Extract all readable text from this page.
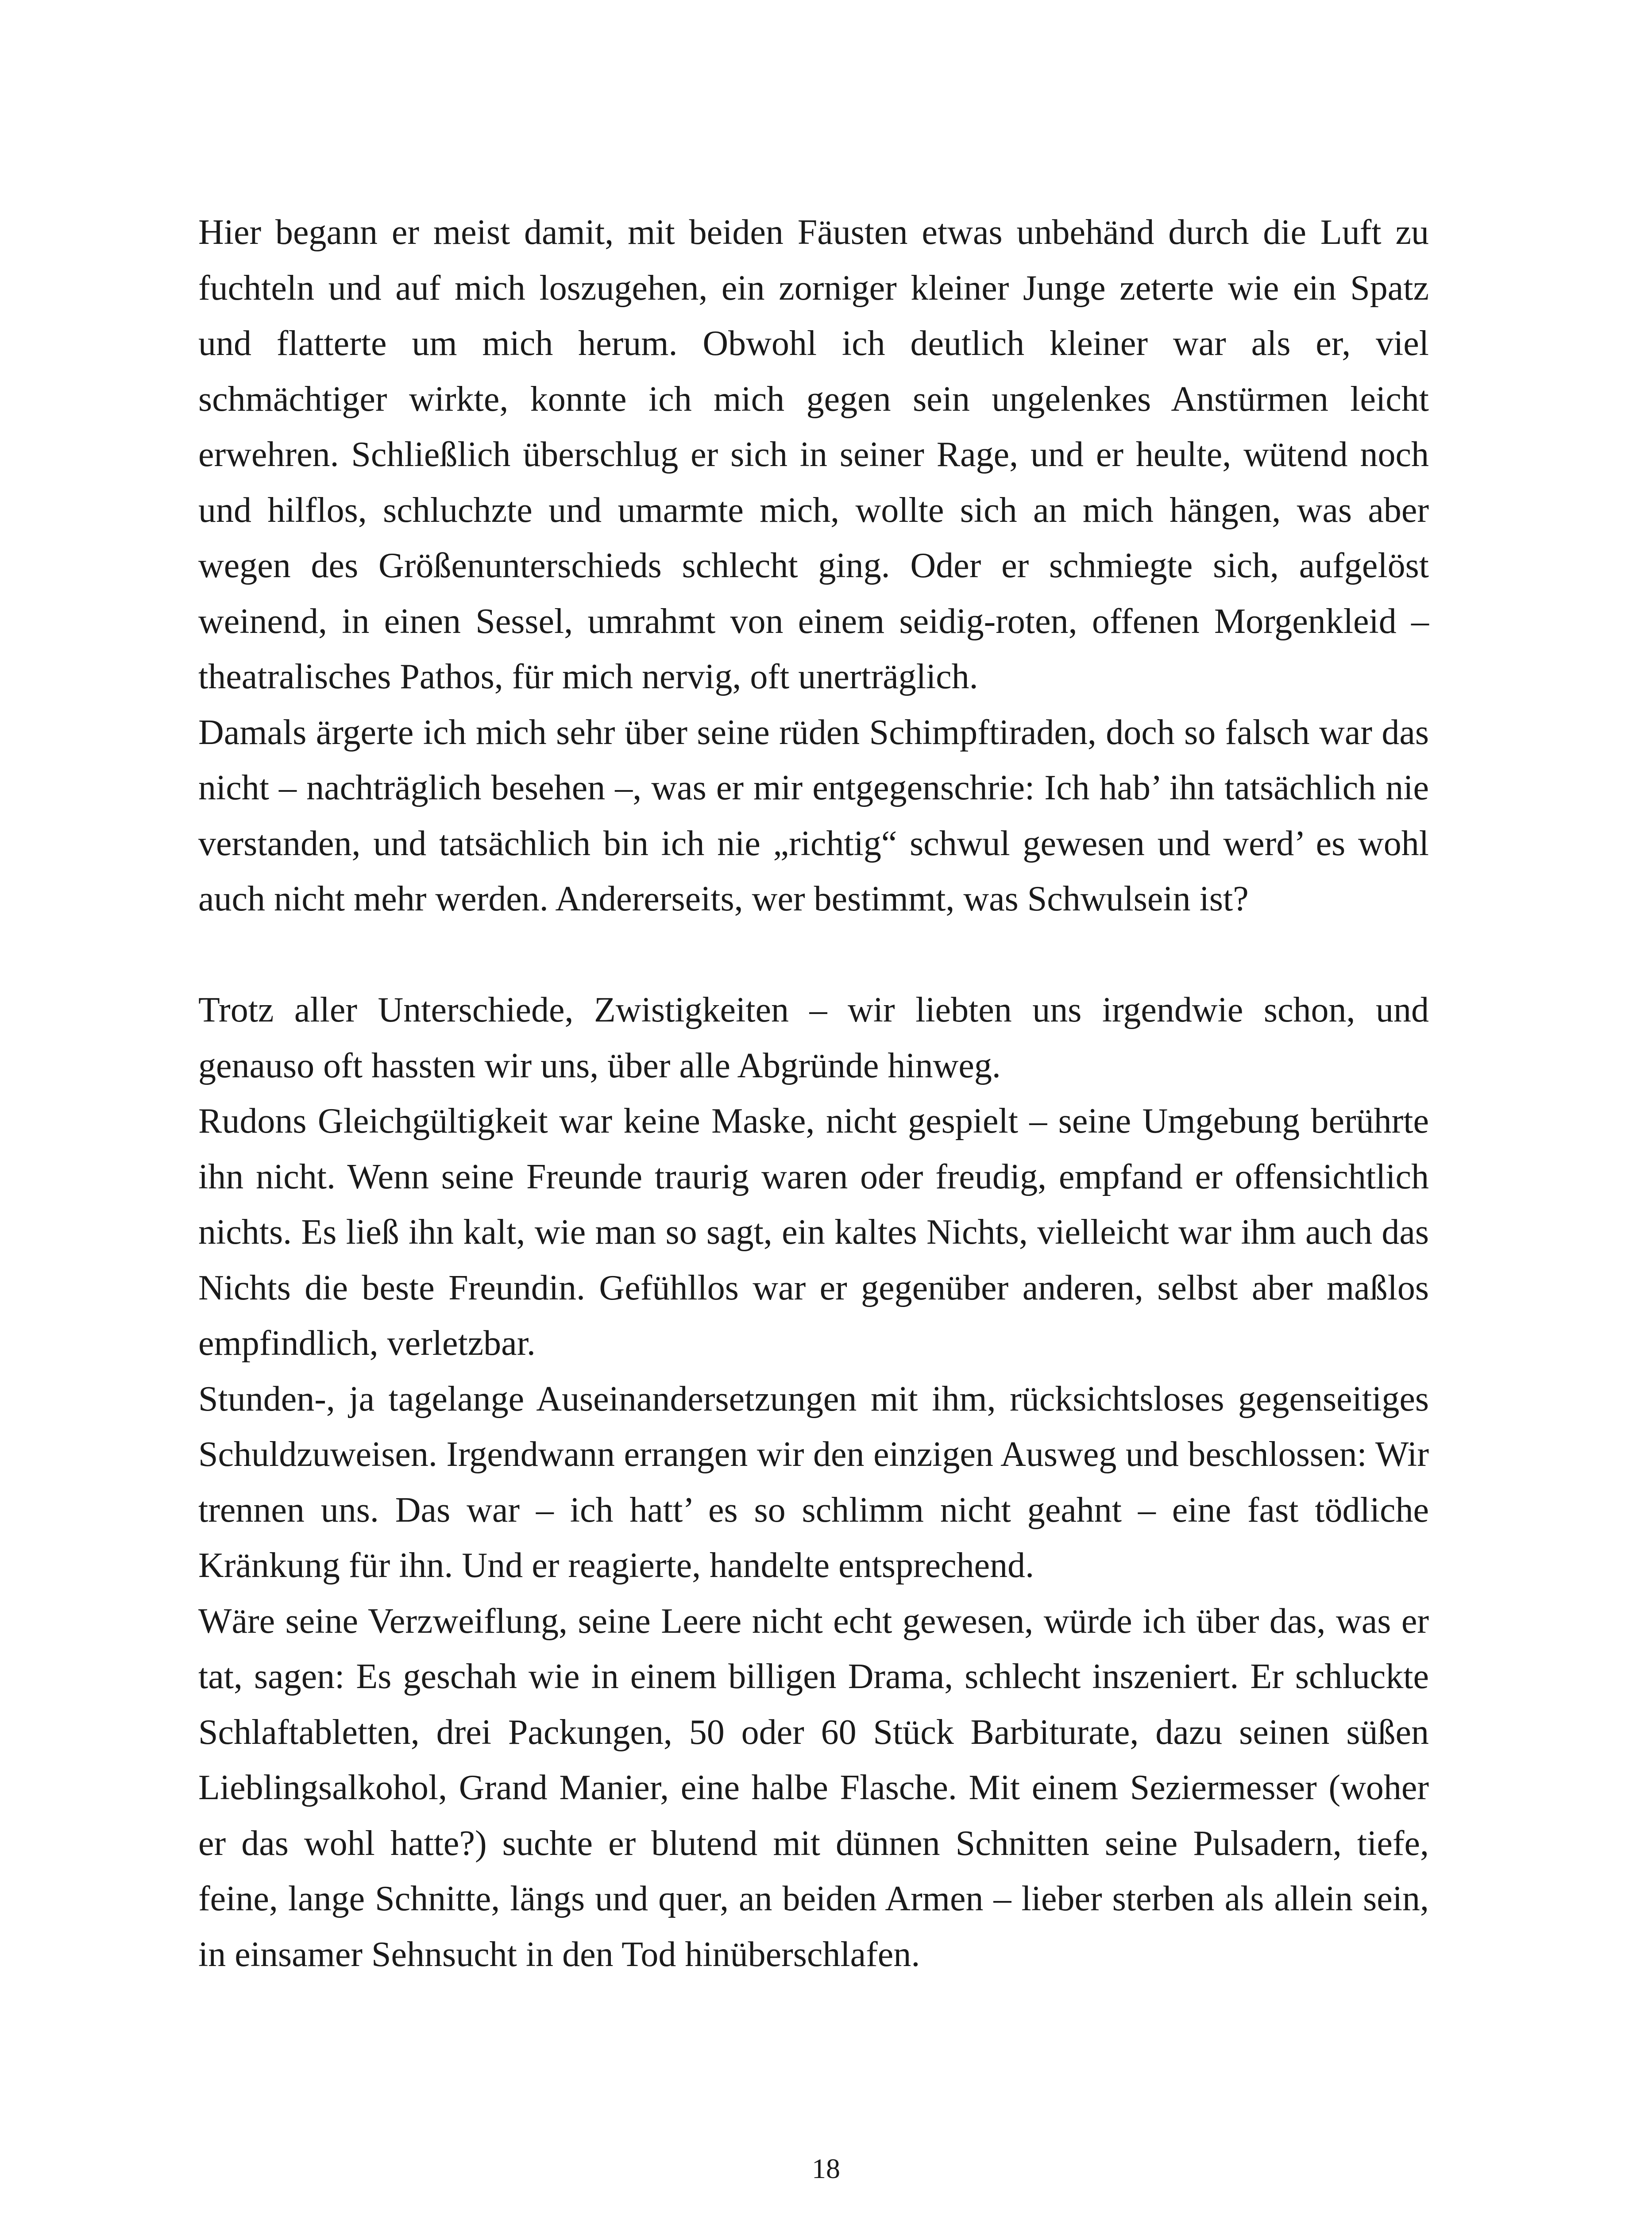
Hier begann er meist damit, mit beiden Fäusten etwas unbehänd durch die Luft zu fuchteln und auf mich loszugehen, ein zorniger kleiner Junge zeterte wie ein Spatz und flatterte um mich herum. Obwohl ich deutlich kleiner war als er, viel schmächtiger wirkte, konnte ich mich gegen sein ungelenkes Anstürmen leicht erwehren. Schließlich überschlug er sich in seiner Rage, und er heulte, wütend noch und hilflos, schluchzte und umarmte mich, wollte sich an mich hängen, was aber wegen des Größenunterschieds schlecht ging. Oder er schmiegte sich, aufgelöst weinend, in einen Sessel, umrahmt von einem seidig-roten, offenen Morgenkleid – theatralisches Pathos, für mich nervig, oft unerträglich.

Damals ärgerte ich mich sehr über seine rüden Schimpftiraden, doch so falsch war das nicht – nachträglich besehen –, was er mir entgegenschrie: Ich hab’ ihn tatsächlich nie verstanden, und tatsächlich bin ich nie „richtig“ schwul gewesen und werd’ es wohl auch nicht mehr werden. Andererseits, wer bestimmt, was Schwulsein ist?

Trotz aller Unterschiede, Zwistigkeiten – wir liebten uns irgendwie schon, und genauso oft hassten wir uns, über alle Abgründe hinweg.

Rudons Gleichgültigkeit war keine Maske, nicht gespielt – seine Umgebung berührte ihn nicht. Wenn seine Freunde traurig waren oder freudig, empfand er offensichtlich nichts. Es ließ ihn kalt, wie man so sagt, ein kaltes Nichts, vielleicht war ihm auch das Nichts die beste Freundin. Gefühllos war er gegenüber anderen, selbst aber maßlos empfindlich, verletzbar.

Stunden-, ja tagelange Auseinandersetzungen mit ihm, rücksichtsloses gegenseitiges Schuldzuweisen. Irgendwann errangen wir den einzigen Ausweg und beschlossen: Wir trennen uns. Das war – ich hatt’ es so schlimm nicht geahnt – eine fast tödliche Kränkung für ihn. Und er reagierte, handelte entsprechend.

Wäre seine Verzweiflung, seine Leere nicht echt gewesen, würde ich über das, was er tat, sagen: Es geschah wie in einem billigen Drama, schlecht inszeniert. Er schluckte Schlaftabletten, drei Packungen, 50 oder 60 Stück Barbiturate, dazu seinen süßen Lieblingsalkohol, Grand Manier, eine halbe Flasche. Mit einem Seziermesser (woher er das wohl hatte?) suchte er blutend mit dünnen Schnitten seine Pulsadern, tiefe, feine, lange Schnitte, längs und quer, an beiden Armen – lieber sterben als allein sein, in einsamer Sehnsucht in den Tod hinüberschlafen.

18
